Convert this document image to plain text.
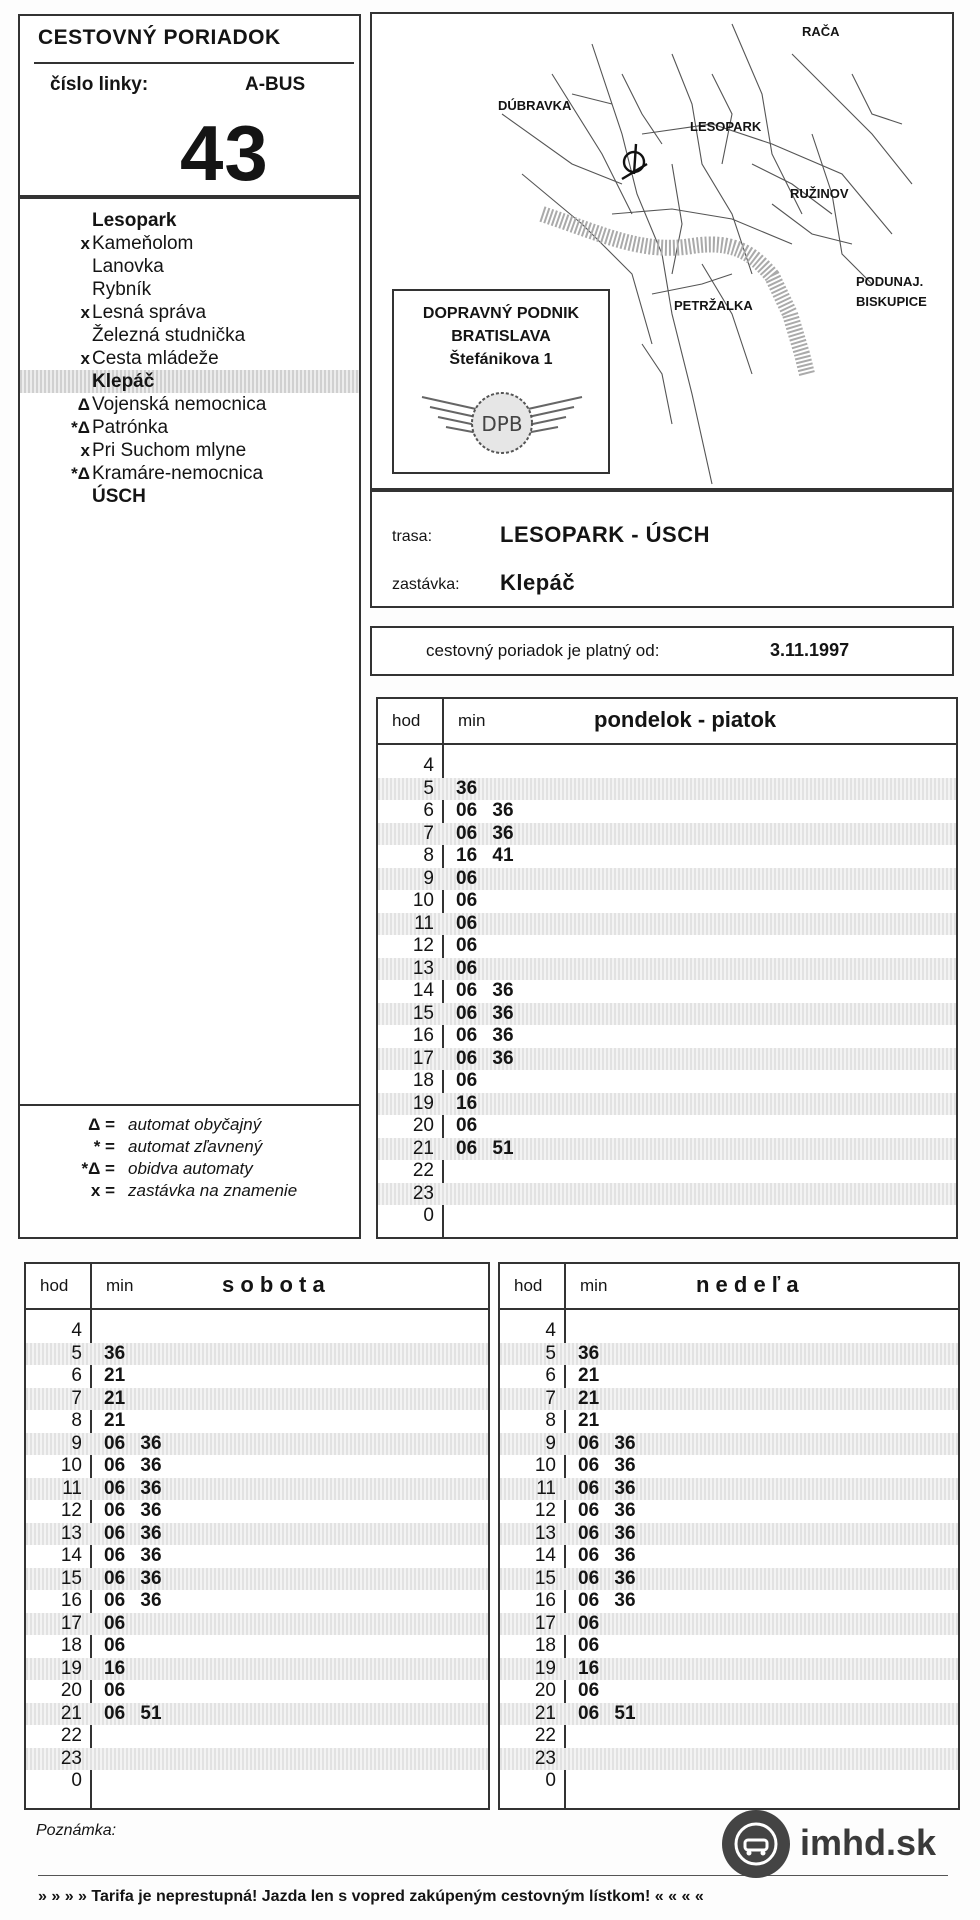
CESTOVNÝ PORIADOK
číslo linky:	A-BUS
43
Lesopark
x Kameňolom
Lanovka
Rybník
x Lesná správa
Železná studnička
x Cesta mládeže
Klepáč
Δ Vojenská nemocnica
*Δ Patrónka
x Pri Suchom mlyne
*Δ Kramáre-nemocnica
ÚSCH
Δ = automat obyčajný
* = automat zľavnený
*Δ = obidva automaty
x = zastávka na znamenie
RAČA
DÚBRAVKA
LESOPARK
RUŽINOV
PODUNAJ.
BISKUPICE
PETRŽALKA
DOPRAVNÝ PODNIK
BRATISLAVA
Štefánikova 1
DPB
trasa:	LESOPARK - ÚSCH
zastávka: Klepáč
cestovný poriadok je platný od:	3.11.1997
hod min	pondelok - piatok
4
5 36
6 06 36
7 06 36
8 16 41
9 06
10 06
11 06
12 06
13 06
14 06 36
15 06 36
16 06 36
17 06 36
18 06
19 16
20 06
21 06 51
22
23
0
hod min	s o b o t a
4
5 36
6 21
7 21
8 21
9 06 36
10 06 36
11 06 36
12 06 36
13 06 36
14 06 36
15 06 36
16 06 36
17 06
18 06
19 16
20 06
21 06 51
22
23
0
hod min	n e d e ľ a
4
5 36
6 21
7 21
8 21
9 06 36
10 06 36
11 06 36
12 06 36
13 06 36
14 06 36
15 06 36
16 06 36
17 06
18 06
19 16
20 06
21 06 51
22
23
0
Poznámka:
» » » » Tarifa je neprestupná! Jazda len s vopred zakúpeným cestovným lístkom! « « « «
imhd.sk
